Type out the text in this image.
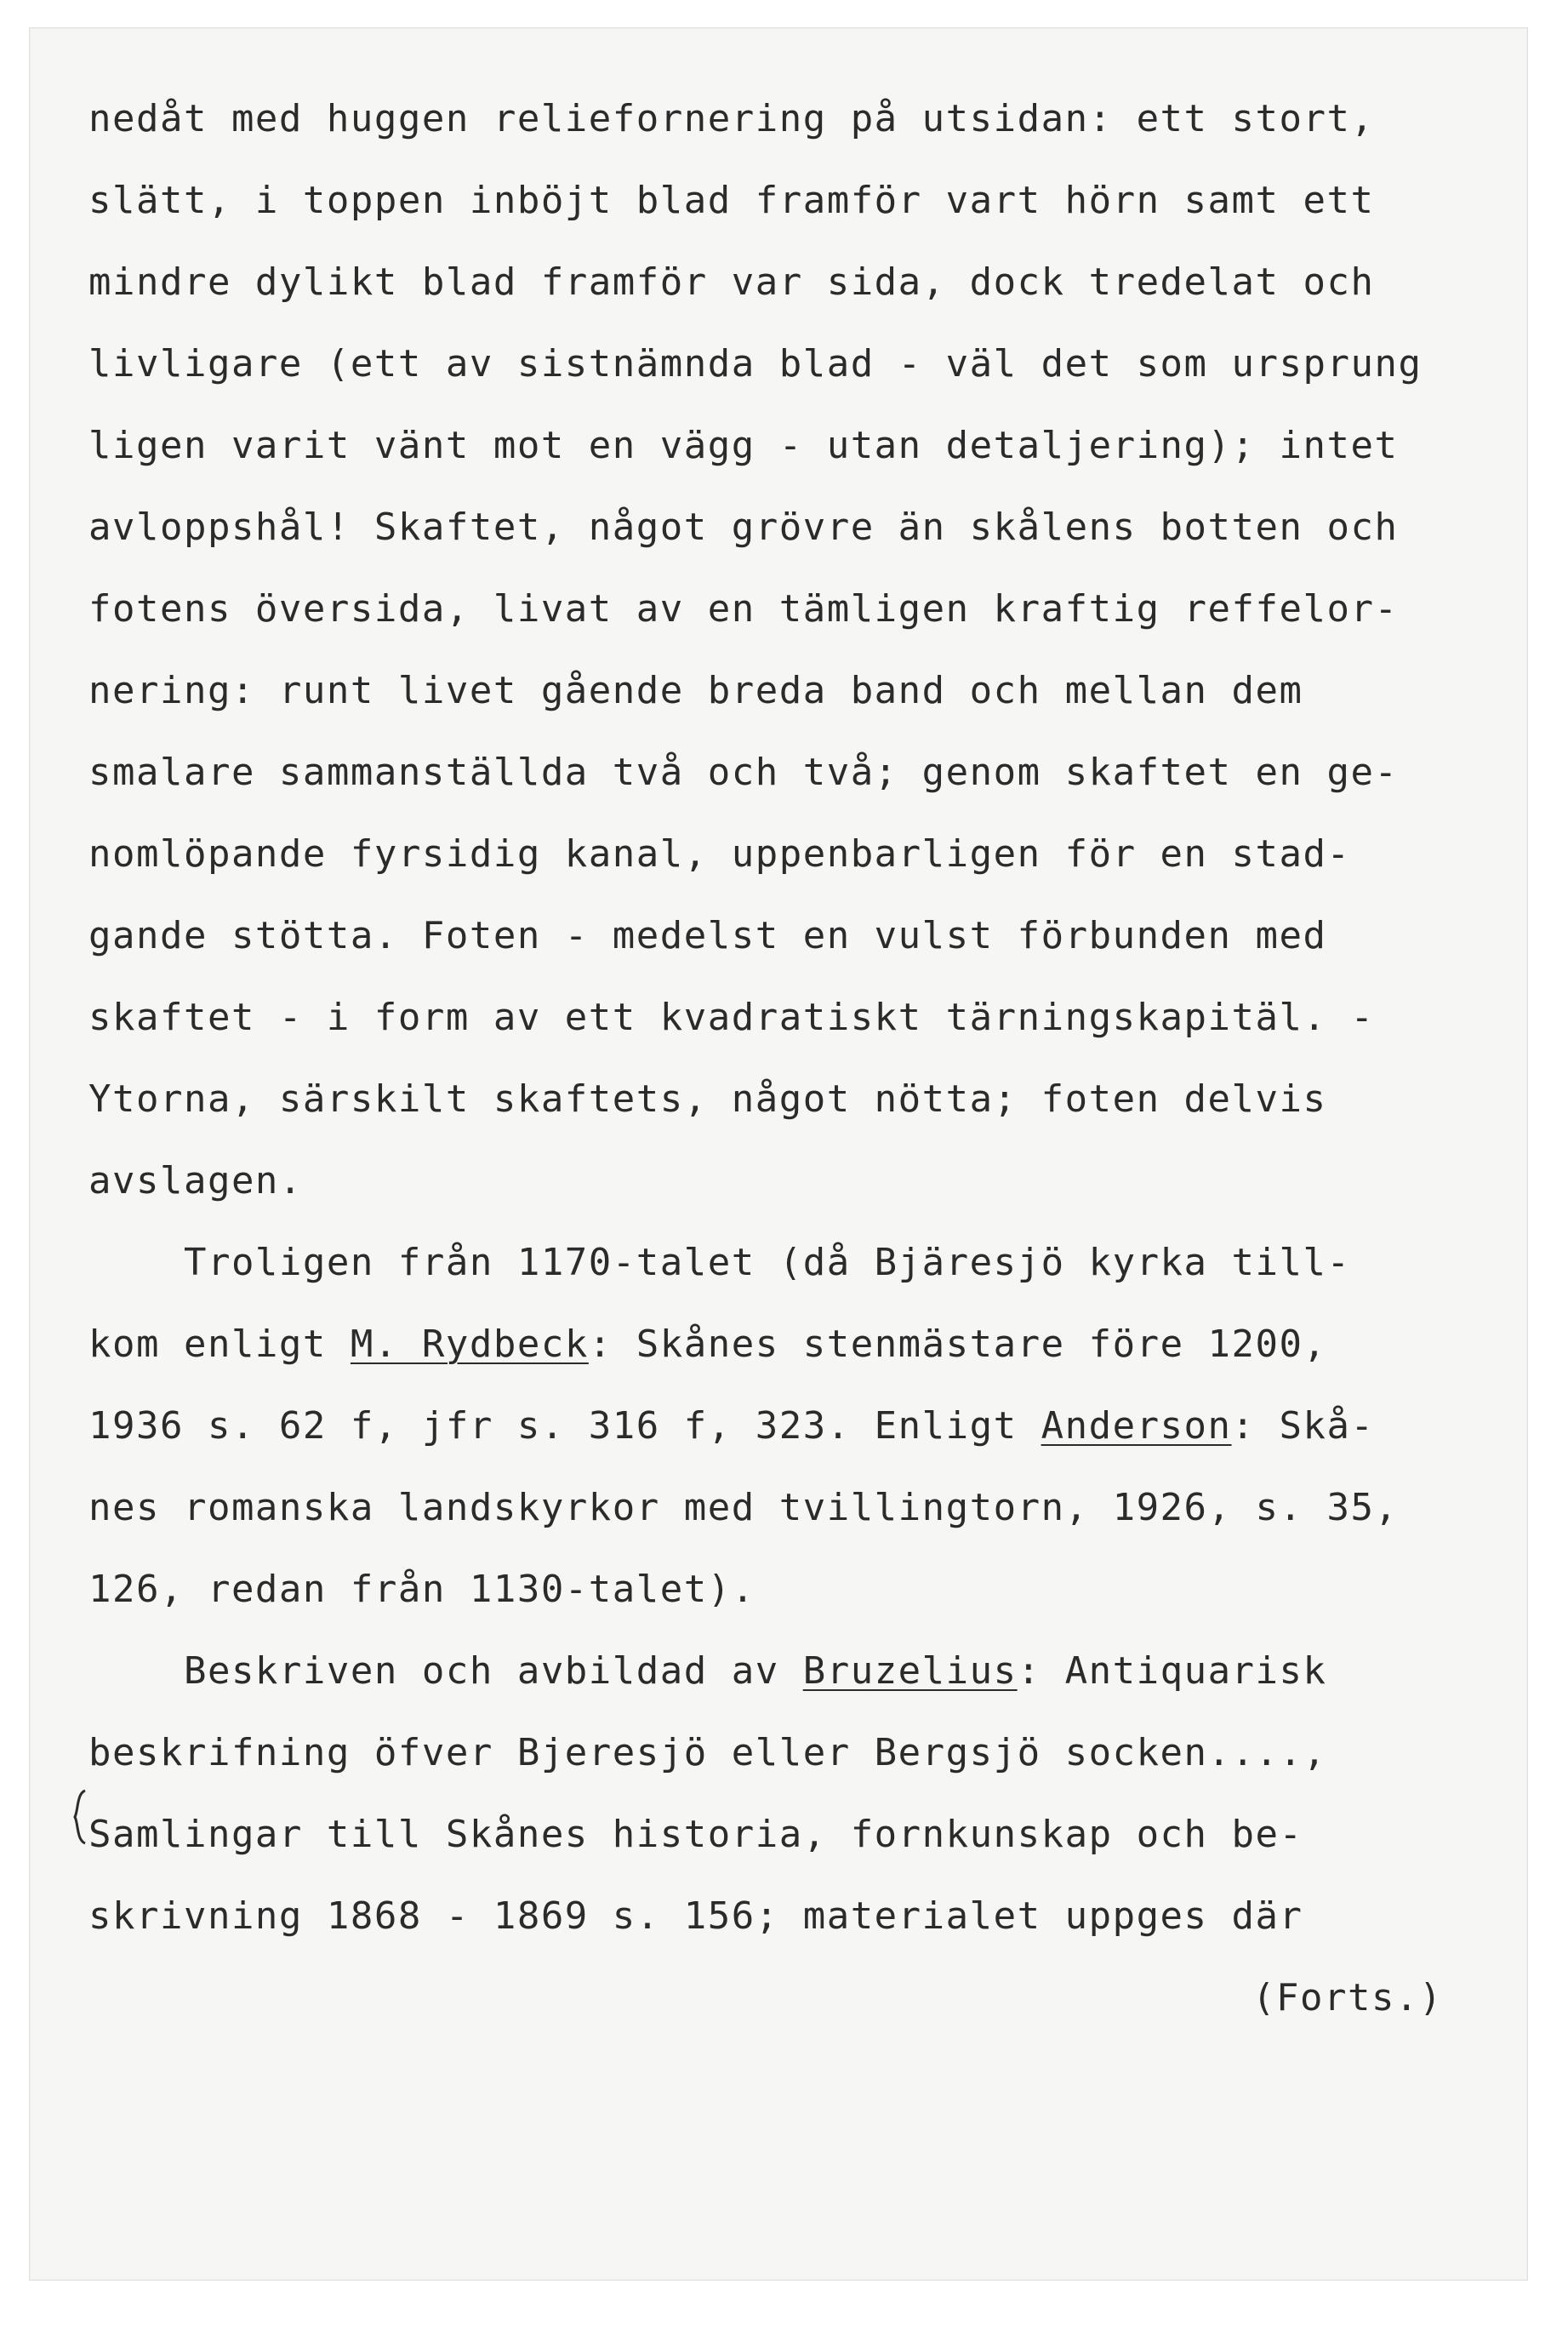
nedåt med huggen reliefornering på utsidan: ett stort,
slätt, i toppen inböjt blad framför vart hörn samt ett
mindre dylikt blad framför var sida, dock tredelat och
livligare (ett av sistnämnda blad - väl det som ursprung
ligen varit vänt mot en vägg - utan detaljering); intet
avloppshål! Skaftet, något grövre än skålens botten och
fotens översida, livat av en tämligen kraftig reffelor-
nering: runt livet gående breda band och mellan dem
smalare sammanställda två och två; genom skaftet en ge-
nomlöpande fyrsidig kanal, uppenbarligen för en stad-
gande stötta. Foten - medelst en vulst förbunden med
skaftet - i form av ett kvadratiskt tärningskapitäl. -
Ytorna, särskilt skaftets, något nötta; foten delvis
avslagen.
Troligen från 1170-talet (då Bjäresjö kyrka till-
kom enligt M. Rydbeck: Skånes stenmästare före 1200,
1936 s. 62 f, jfr s. 316 f, 323. Enligt Anderson: Skå-
nes romanska landskyrkor med tvillingtorn, 1926, s. 35,
126, redan från 1130-talet).
Beskriven och avbildad av Bruzelius: Antiquarisk
beskrifning öfver Bjeresjö eller Bergsjö socken....,
Samlingar till Skånes historia, fornkunskap och be-
skrivning 1868 - 1869 s. 156; materialet uppges där
(Forts.)
